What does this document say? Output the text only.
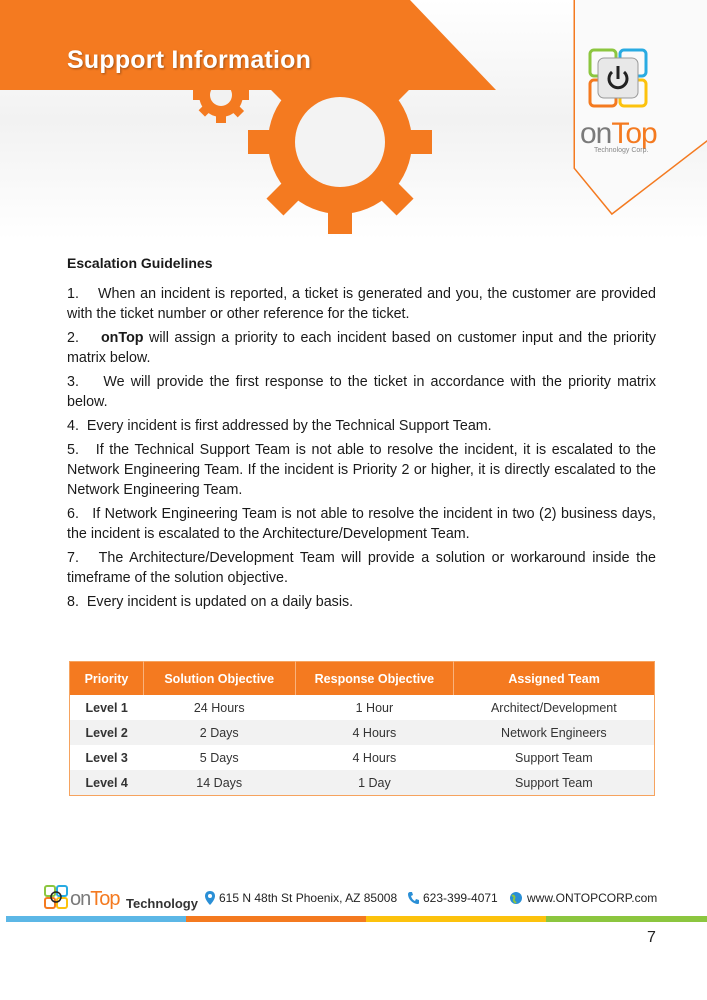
Support Information
onTop
Technology Corp.
Escalation Guidelines

1. When an incident is reported, a ticket is generated and you, the customer are provided with the ticket number or other reference for the ticket.

2. onTop will assign a priority to each incident based on customer input and the priority matrix below.

3. We will provide the first response to the ticket in accordance with the priority matrix below.

4. Every incident is first addressed by the Technical Support Team.

5. If the Technical Support Team is not able to resolve the incident, it is escalated to the Network Engineering Team. If the incident is Priority 2 or higher, it is directly escalated to the Network Engineering Team.

6. If Network Engineering Team is not able to resolve the incident in two (2) business days, the incident is escalated to the Architecture/Development Team.

7. The Architecture/Development Team will provide a solution or workaround inside the timeframe of the solution objective.

8. Every incident is updated on a daily basis.

Priority	Solution Objective	Response Objective	Assigned Team
Level 1	24 Hours	1 Hour	Architect/Development
Level 2	2 Days	4 Hours	Network Engineers
Level 3	5 Days	4 Hours	Support Team
Level 4	14 Days	1 Day	Support Team
onTop Technology 615 N 48th St Phoenix, AZ 85008 623-399-4071 www.ONTOPCORP.com
7
